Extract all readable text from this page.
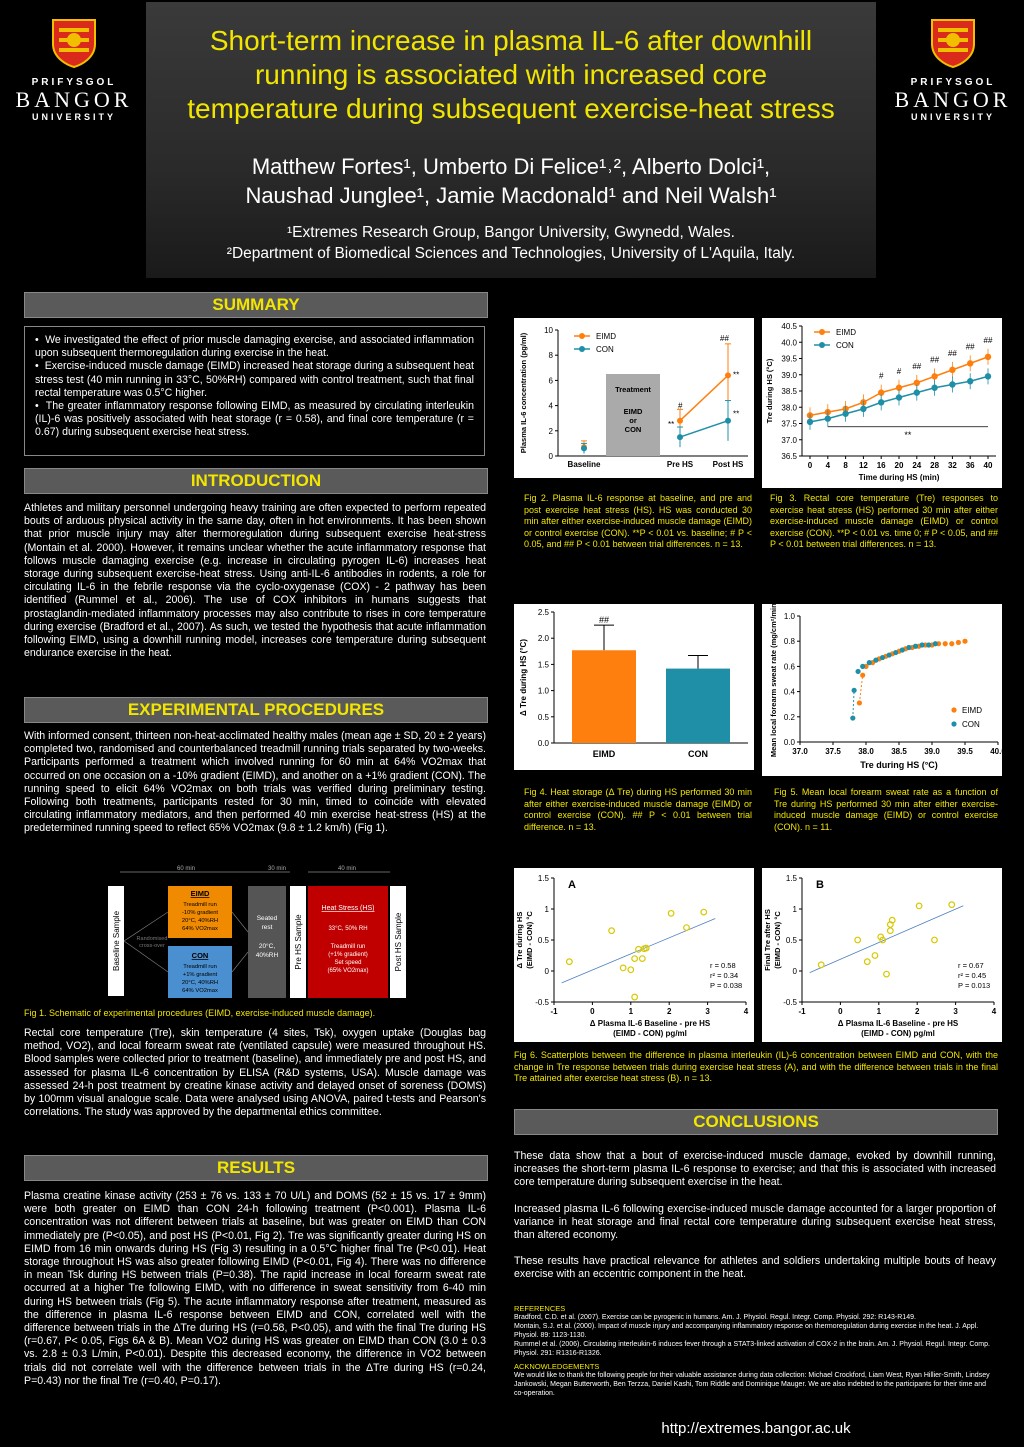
Short-term increase in plasma IL-6 after downhill
running is associated with increased core
temperature during subsequent exercise-heat stress
Matthew Fortes¹, Umberto Di Felice¹˒², Alberto Dolci¹,
Naushad Junglee¹, Jamie Macdonald¹ and Neil Walsh¹
¹Extremes Research Group, Bangor University, Gwynedd, Wales.
²Department of Biomedical Sciences and Technologies, University of L'Aquila, Italy.
PRIFYSGOL
BANGOR
UNIVERSITY
PRIFYSGOL
BANGOR
UNIVERSITY
SUMMARY
•  We investigated the effect of prior muscle damaging exercise, and associated inflammation upon subsequent thermoregulation during exercise in the heat.
•  Exercise-induced muscle damage (EIMD) increased heat storage during a subsequent heat stress test (40 min running in 33°C, 50%RH) compared with control treatment, such that final rectal temperature was 0.5°C higher.
•  The greater inflammatory response following EIMD, as measured by circulating interleukin (IL)-6 was positively associated with heat storage (r = 0.58), and final core temperature (r = 0.67) during subsequent exercise heat stress.
INTRODUCTION
Athletes and military personnel undergoing heavy training are often expected to perform repeated bouts of arduous physical activity in the same day, often in hot environments. It has been shown that prior muscle injury may alter thermoregulation during subsequent exercise heat-stress (Montain et al. 2000). However, it remains unclear whether the acute inflammatory response that follows muscle damaging exercise (e.g. increase in circulating pyrogen IL-6) increases heat storage during subsequent exercise-heat stress. Using anti-IL-6 antibodies in rodents, a role for circulating IL-6 in the febrile response via the cyclo-oxygenase (COX) - 2 pathway has been identified (Rummel et al., 2006). The use of COX inhibitors in humans suggests that prostaglandin-mediated inflammatory processes may also contribute to rises in core temperature during exercise (Bradford et al., 2007). As such, we tested the hypothesis that acute inflammation following EIMD, using a downhill running model, increases core temperature during subsequent endurance exercise in the heat.
EXPERIMENTAL PROCEDURES
With informed consent, thirteen non-heat-acclimated healthy males (mean age ± SD, 20 ± 2 years) completed two, randomised and counterbalanced treadmill running trials separated by two-weeks. Participants performed a treatment which involved running for 60 min at 64% VO2max that occurred on one occasion on a -10% gradient (EIMD), and another on a +1% gradient (CON). The running speed to elicit 64% VO2max on both trials was verified during preliminary testing. Following both treatments, participants rested for 30 min, timed to coincide with elevated circulating inflammatory mediators, and then performed 40 min exercise heat-stress (HS) at the predetermined running speed to reflect 65% VO2max (9.8 ± 1.2 km/h) (Fig 1).
60 min	30 min	40 min
Baseline Sample	Randomised
cross-over
EIMD
Treadmill run
-10% gradient
20°C, 40%RH
64% VO2max
CON
Treadmill run
+1% gradient
20°C, 40%RH
64% VO2max
Seated
rest
20°C,
40%RH Pre HS Sample
Heat Stress (HS)
33°C, 50% RH
Treadmill run
(+1% gradient)
Set speed
(65% VO2max)	Post HS Sample
Fig 1. Schematic of experimental procedures (EIMD, exercise-induced muscle damage).
Rectal core temperature (Tre), skin temperature (4 sites, Tsk), oxygen uptake (Douglas bag method, VO2), and local forearm sweat rate (ventilated capsule) were measured throughout HS. Blood samples were collected prior to treatment (baseline), and immediately pre and post HS, and assessed for plasma IL-6 concentration by ELISA (R&D systems, USA). Muscle damage was assessed 24-h post treatment by creatine kinase activity and delayed onset of soreness (DOMS) by 100mm visual analogue scale. Data were analysed using ANOVA, paired t-tests and Pearson's correlations. The study was approved by the departmental ethics committee.
RESULTS
Plasma creatine kinase activity (253 ± 76 vs. 133 ± 70 U/L) and DOMS (52 ± 15 vs. 17 ± 9mm) were both greater on EIMD than CON 24-h following treatment (P<0.001). Plasma IL-6 concentration was not different between trials at baseline, but was greater on EIMD than CON immediately pre (P<0.05), and post HS (P<0.01, Fig 2). Tre was significantly greater during HS on EIMD from 16 min onwards during HS (Fig 3) resulting in a 0.5°C higher final Tre (P<0.01). Heat storage throughout HS was also greater following EIMD (P<0.01, Fig 4). There was no difference in mean Tsk during HS between trials (P=0.38). The rapid increase in local forearm sweat rate occurred at a higher Tre following EIMD, with no difference in sweat sensitivity from 6-40 min during HS between trials (Fig 5). The acute inflammatory response after treatment, measured as the difference in plasma IL-6 response between EIMD and CON, correlated well with the difference between trials in the ΔTre during HS (r=0.58, P<0.05), and with the final Tre during HS (r=0.67, P< 0.05, Figs 6A & B). Mean VO2 during HS was greater on EIMD than CON (3.0 ± 0.3 vs. 2.8 ± 0.3 L/min, P<0.01). Despite this decreased economy, the difference in VO2 between trials did not correlate well with the difference between trials in the ΔTre during HS (r=0.24, P=0.43) nor the final Tre (r=0.40, P=0.17).
0
2
4
6
8
10
Baseline	Pre HS Post HS
Plasma IL-6 concentration (pg/ml)	Treatment
EIMD
or
CON
**
#
**
##
**
EIMD
CON
36.5
37.0
37.5
38.0
38.5
39.0
39.5
40.0
40.5
0 4 8 12 16 20 24 28 32 36 40
Time during HS (min)
Tre during HS (°C)	#
#
##
##
##
##
##
**
EIMD
CON
Fig 2. Plasma IL-6 response at baseline, and pre and post exercise heat stress (HS). HS was conducted 30 min after either exercise-induced muscle damage (EIMD) or control exercise (CON). **P < 0.01 vs. baseline; # P < 0.05, and ## P < 0.01 between trial differences. n = 13.
Fig 3. Rectal core temperature (Tre) responses to exercise heat stress (HS) performed 30 min after either exercise-induced muscle damage (EIMD) or control exercise (CON). **P < 0.01 vs. time 0; # P < 0.05, and ## P < 0.01 between trial differences. n = 13.
0.0
0.5
1.0
1.5
2.0
2.5
EIMD	CON
##
Δ Tre during HS (°C)
0.0
0.2
0.4
0.6
0.8
1.0
37.0 37.5 38.0 38.5 39.0 39.5 40.0
Tre during HS (°C)
Mean local forearm sweat rate (mg/cm²/min)	EIMD
CON
Fig 4. Heat storage (Δ Tre) during HS performed 30 min after either exercise-induced muscle damage (EIMD) or control exercise (CON). ## P < 0.01 between trial difference. n = 13.
Fig 5. Mean local forearm sweat rate as a function of Tre during HS performed 30 min after either exercise-induced muscle damage (EIMD) or control exercise (CON). n = 11.
-0.5
0
0.5
1
1.5
-1	0	1	2	3	4
Δ Plasma IL-6 Baseline - pre HS
(EIMD - CON) pg/ml
Δ Tre during HS (EIMD - CON) °C
A
r = 0.58
r² = 0.34
P = 0.038
-0.5
0
0.5
1
1.5
-1	0	1	2	3	4
Δ Plasma IL-6 Baseline - pre HS
(EIMD - CON) pg/ml
Final Tre after HS (EIMD - CON) °C
B
r = 0.67
r² = 0.45
P = 0.013
Fig 6. Scatterplots between the difference in plasma interleukin (IL)-6 concentration between EIMD and CON, with the change in Tre response between trials during exercise heat stress (A), and with the difference between trials in the final Tre attained after exercise heat stress (B). n = 13.
CONCLUSIONS

These data show that a bout of exercise-induced muscle damage, evoked by downhill running, increases the short-term plasma IL-6 response to exercise; and that this is associated with increased core temperature during subsequent exercise in the heat.

Increased plasma IL-6 following exercise-induced muscle damage accounted for a larger proportion of variance in heat storage and final rectal core temperature during subsequent exercise heat stress, than altered economy.

These results have practical relevance for athletes and soldiers undertaking multiple bouts of heavy exercise with an eccentric component in the heat.

REFERENCES
Bradford, C.D. et al. (2007). Exercise can be pyrogenic in humans. Am. J. Physiol. Regul. Integr. Comp. Physiol. 292: R143-R149.
Montain, S.J. et al. (2000). Impact of muscle injury and accompanying inflammatory response on thermoregulation during exercise in the heat. J. Appl. Physiol. 89: 1123-1130.
Rummel et al. (2006). Circulating interleukin-6 induces fever through a STAT3-linked activation of COX-2 in the brain. Am. J. Physiol. Regul. Integr. Comp. Physiol. 291: R1316-R1326.
ACKNOWLEDGEMENTS
We would like to thank the following people for their valuable assistance during data collection: Michael Crockford, Liam West, Ryan Hillier-Smith, Lindsey Jankowski, Megan Butterworth, Ben Terzza, Daniel Kashi, Tom Riddle and Dominique Mauger. We are also indebted to the participants for their time and co-operation.
http://extremes.bangor.ac.uk
